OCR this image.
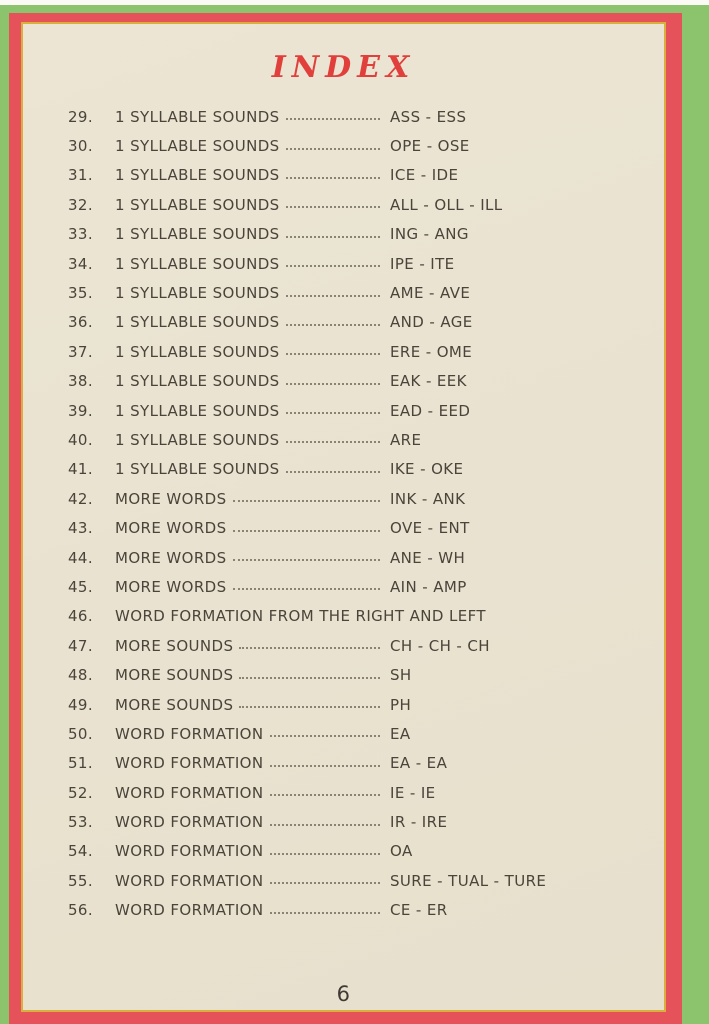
INDEX
29. 1 SYLLABLE SOUNDS	ASS - ESS
30. 1 SYLLABLE SOUNDS	OPE - OSE
31. 1 SYLLABLE SOUNDS	ICE - IDE
32. 1 SYLLABLE SOUNDS	ALL - OLL - ILL
33. 1 SYLLABLE SOUNDS	ING - ANG
34. 1 SYLLABLE SOUNDS	IPE - ITE
35. 1 SYLLABLE SOUNDS	AME - AVE
36. 1 SYLLABLE SOUNDS	AND - AGE
37. 1 SYLLABLE SOUNDS	ERE - OME
38. 1 SYLLABLE SOUNDS	EAK - EEK
39. 1 SYLLABLE SOUNDS	EAD - EED
40. 1 SYLLABLE SOUNDS	ARE
41. 1 SYLLABLE SOUNDS	IKE - OKE
42. MORE WORDS	INK - ANK
43. MORE WORDS	OVE - ENT
44. MORE WORDS	ANE - WH
45. MORE WORDS	AIN - AMP
46. WORD FORMATION FROM THE RIGHT AND LEFT
47. MORE SOUNDS	CH - CH - CH
48. MORE SOUNDS	SH
49. MORE SOUNDS	PH
50. WORD FORMATION	EA
51. WORD FORMATION	EA - EA
52. WORD FORMATION	IE - IE
53. WORD FORMATION	IR - IRE
54. WORD FORMATION	OA
55. WORD FORMATION	SURE - TUAL - TURE
56. WORD FORMATION	CE - ER
6
